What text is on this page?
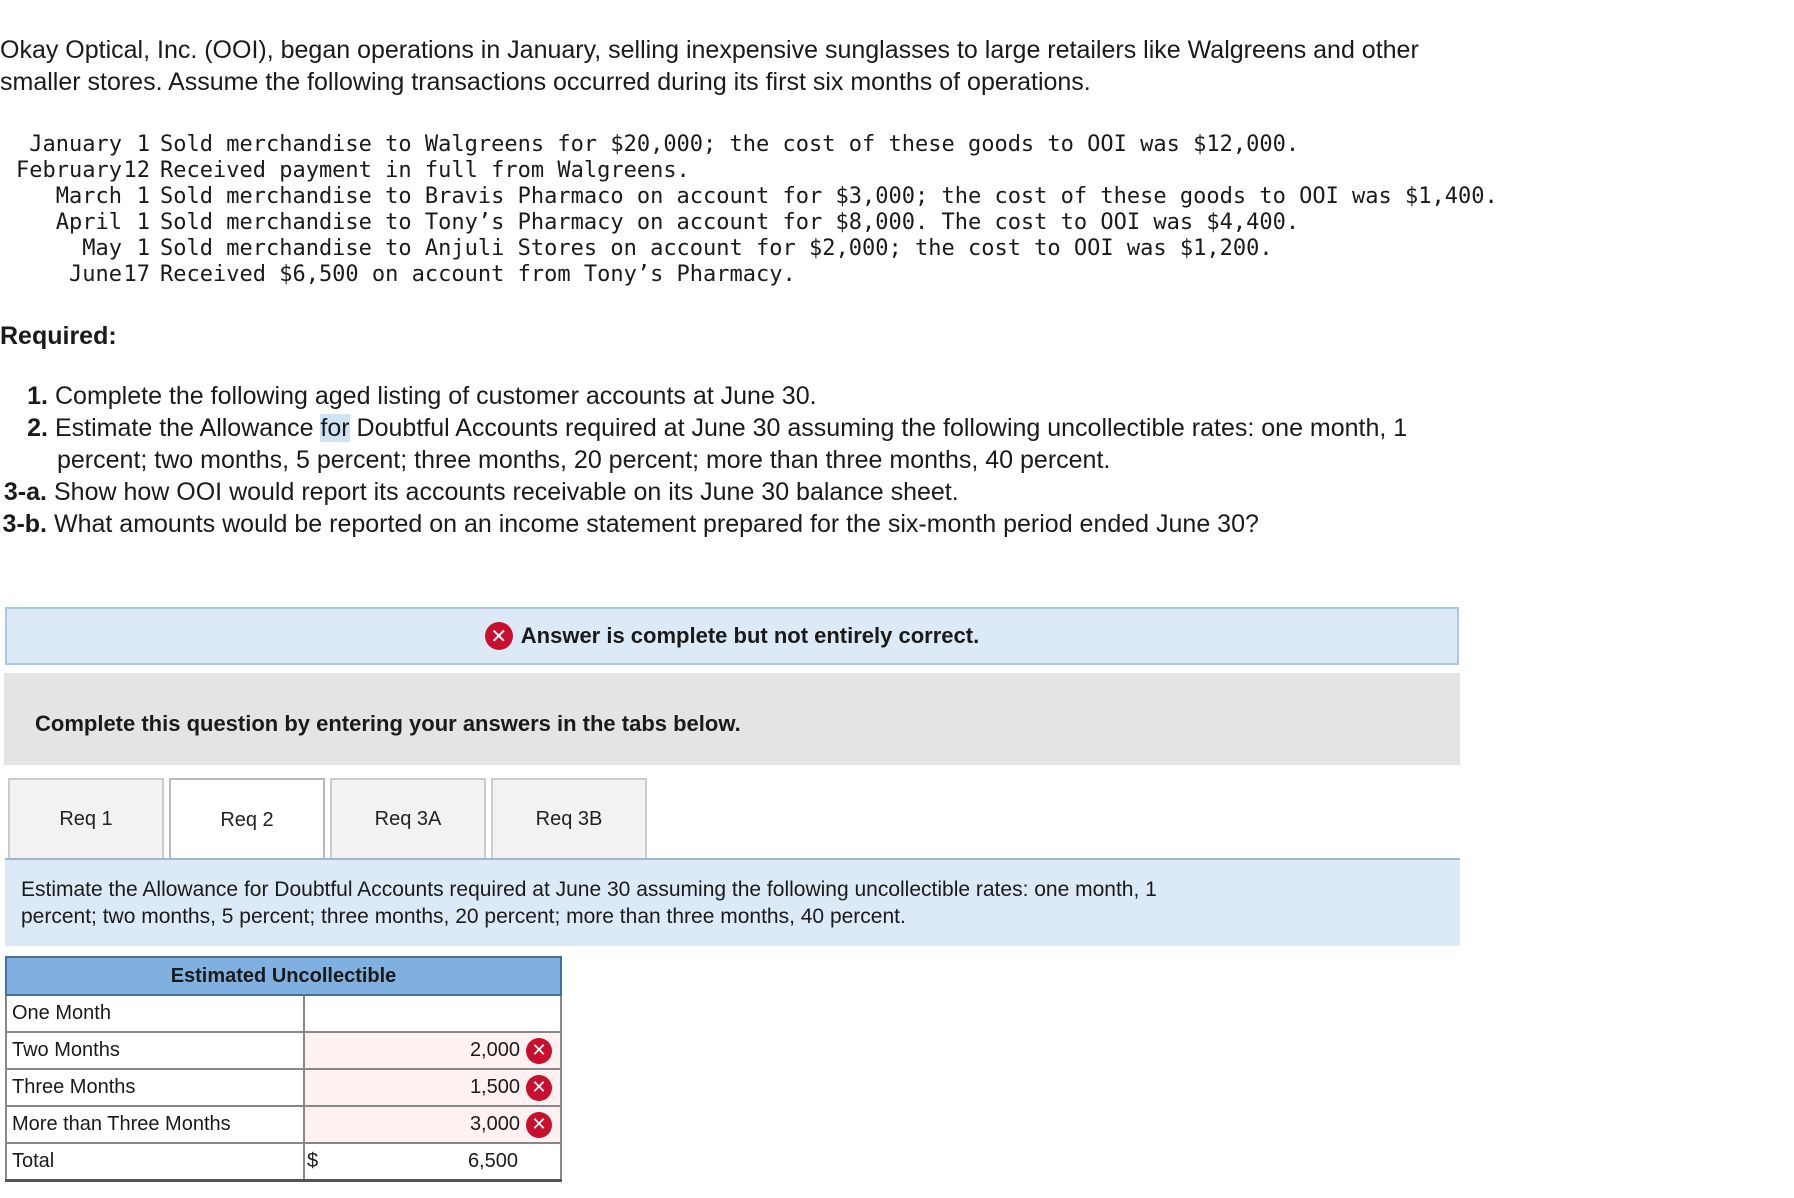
Okay Optical, Inc. (OOI), began operations in January, selling inexpensive sunglasses to large retailers like Walgreens and other
smaller stores. Assume the following transactions occurred during its first six months of operations.
January 1 Sold merchandise to Walgreens for $20,000; the cost of these goods to OOI was $12,000.
February 12 Received payment in full from Walgreens.
March 1 Sold merchandise to Bravis Pharmaco on account for $3,000; the cost of these goods to OOI was $1,400.
April 1 Sold merchandise to Tony’s Pharmacy on account for $8,000. The cost to OOI was $4,400.
May 1 Sold merchandise to Anjuli Stores on account for $2,000; the cost to OOI was $1,200.
June 17 Received $6,500 on account from Tony’s Pharmacy.
Required:
1. Complete the following aged listing of customer accounts at June 30.
2. Estimate the Allowance for Doubtful Accounts required at June 30 assuming the following uncollectible rates: one month, 1
percent; two months, 5 percent; three months, 20 percent; more than three months, 40 percent.
3-a. Show how OOI would report its accounts receivable on its June 30 balance sheet.
3-b. What amounts would be reported on an income statement prepared for the six-month period ended June 30?
✕ Answer is complete but not entirely correct.
Complete this question by entering your answers in the tabs below.
Req 1	Req 2	Req 3A	Req 3B
Estimate the Allowance for Doubtful Accounts required at June 30 assuming the following uncollectible rates: one month, 1
percent; two months, 5 percent; three months, 20 percent; more than three months, 40 percent.
Estimated Uncollectible	
One Month	
Two Months	2,000 ✕

Three Months	1,500 ✕

More than Three Months	3,000 ✕

Total	$ 6,500
